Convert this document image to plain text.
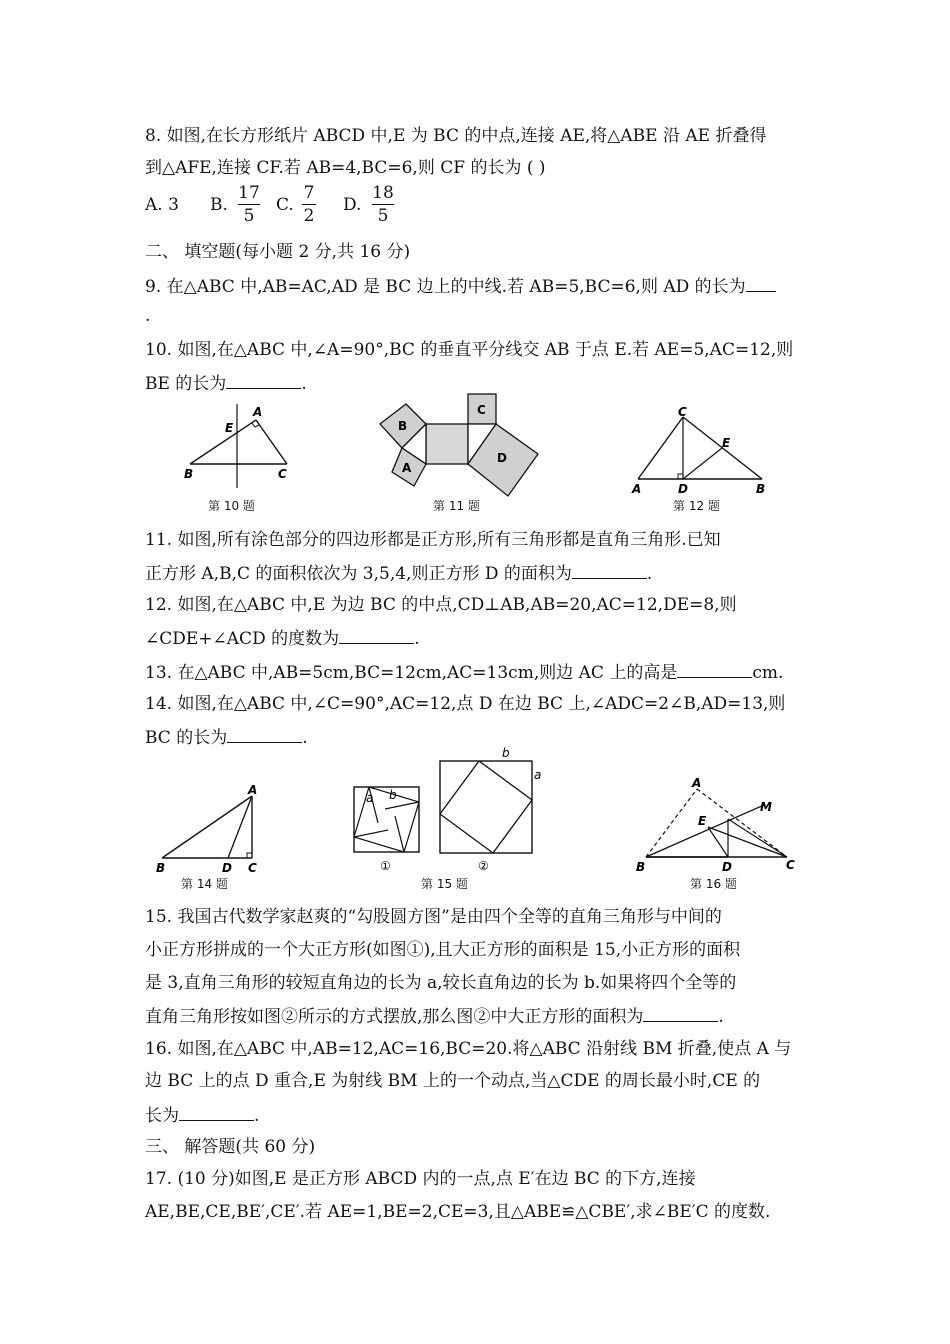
8. 如图,在长方形纸片 ABCD 中,E 为 BC 的中点,连接 AE,将△ABE 沿 AE 折叠得
到△AFE,连接 CF.若 AB=4,BC=6,则 CF 的长为 ( )
A. 3 B.
17
5
C.
7
2
D.
18
5
二、 填空题(每小题 2 分,共 16 分)
9. 在△ABC 中,AB=AC,AD 是 BC 边上的中线.若 AB=5,BC=6,则 AD 的长为
.
10. 如图,在△ABC 中,∠A=90°,BC 的垂直平分线交 AB 于点 E.若 AE=5,AC=12,则
BE 的长为	.
A
E
B	C
第 10 题
B
C
D
A
第 11 题
C
E
A	D	B
第 12 题
11. 如图,所有涂色部分的四边形都是正方形,所有三角形都是直角三角形.已知
正方形 A,B,C 的面积依次为 3,5,4,则正方形 D 的面积为	.
12. 如图,在△ABC 中,E 为边 BC 的中点,CD⊥AB,AB=20,AC=12,DE=8,则
∠CDE+∠ACD 的度数为	.
13. 在△ABC 中,AB=5cm,BC=12cm,AC=13cm,则边 AC 上的高是	cm.
14. 如图,在△ABC 中,∠C=90°,AC=12,点 D 在边 BC 上,∠ADC=2∠B,AD=13,则
BC 的长为	.
A
B	D C
第 14 题
a b
b
a
①	②
第 15 题
A
M
E
B	D	C
第 16 题
15. 我国古代数学家赵爽的“勾股圆方图”是由四个全等的直角三角形与中间的
小正方形拼成的一个大正方形(如图①),且大正方形的面积是 15,小正方形的面积
是 3,直角三角形的较短直角边的长为 a,较长直角边的长为 b.如果将四个全等的
直角三角形按如图②所示的方式摆放,那么图②中大正方形的面积为	.
16. 如图,在△ABC 中,AB=12,AC=16,BC=20.将△ABC 沿射线 BM 折叠,使点 A 与
边 BC 上的点 D 重合,E 为射线 BM 上的一个动点,当△CDE 的周长最小时,CE 的
长为	.
三、 解答题(共 60 分)
17. (10 分)如图,E 是正方形 ABCD 内的一点,点 E′在边 BC 的下方,连接
AE,BE,CE,BE′,CE′.若 AE=1,BE=2,CE=3,且△ABE≌△CBE′,求∠BE′C 的度数.
